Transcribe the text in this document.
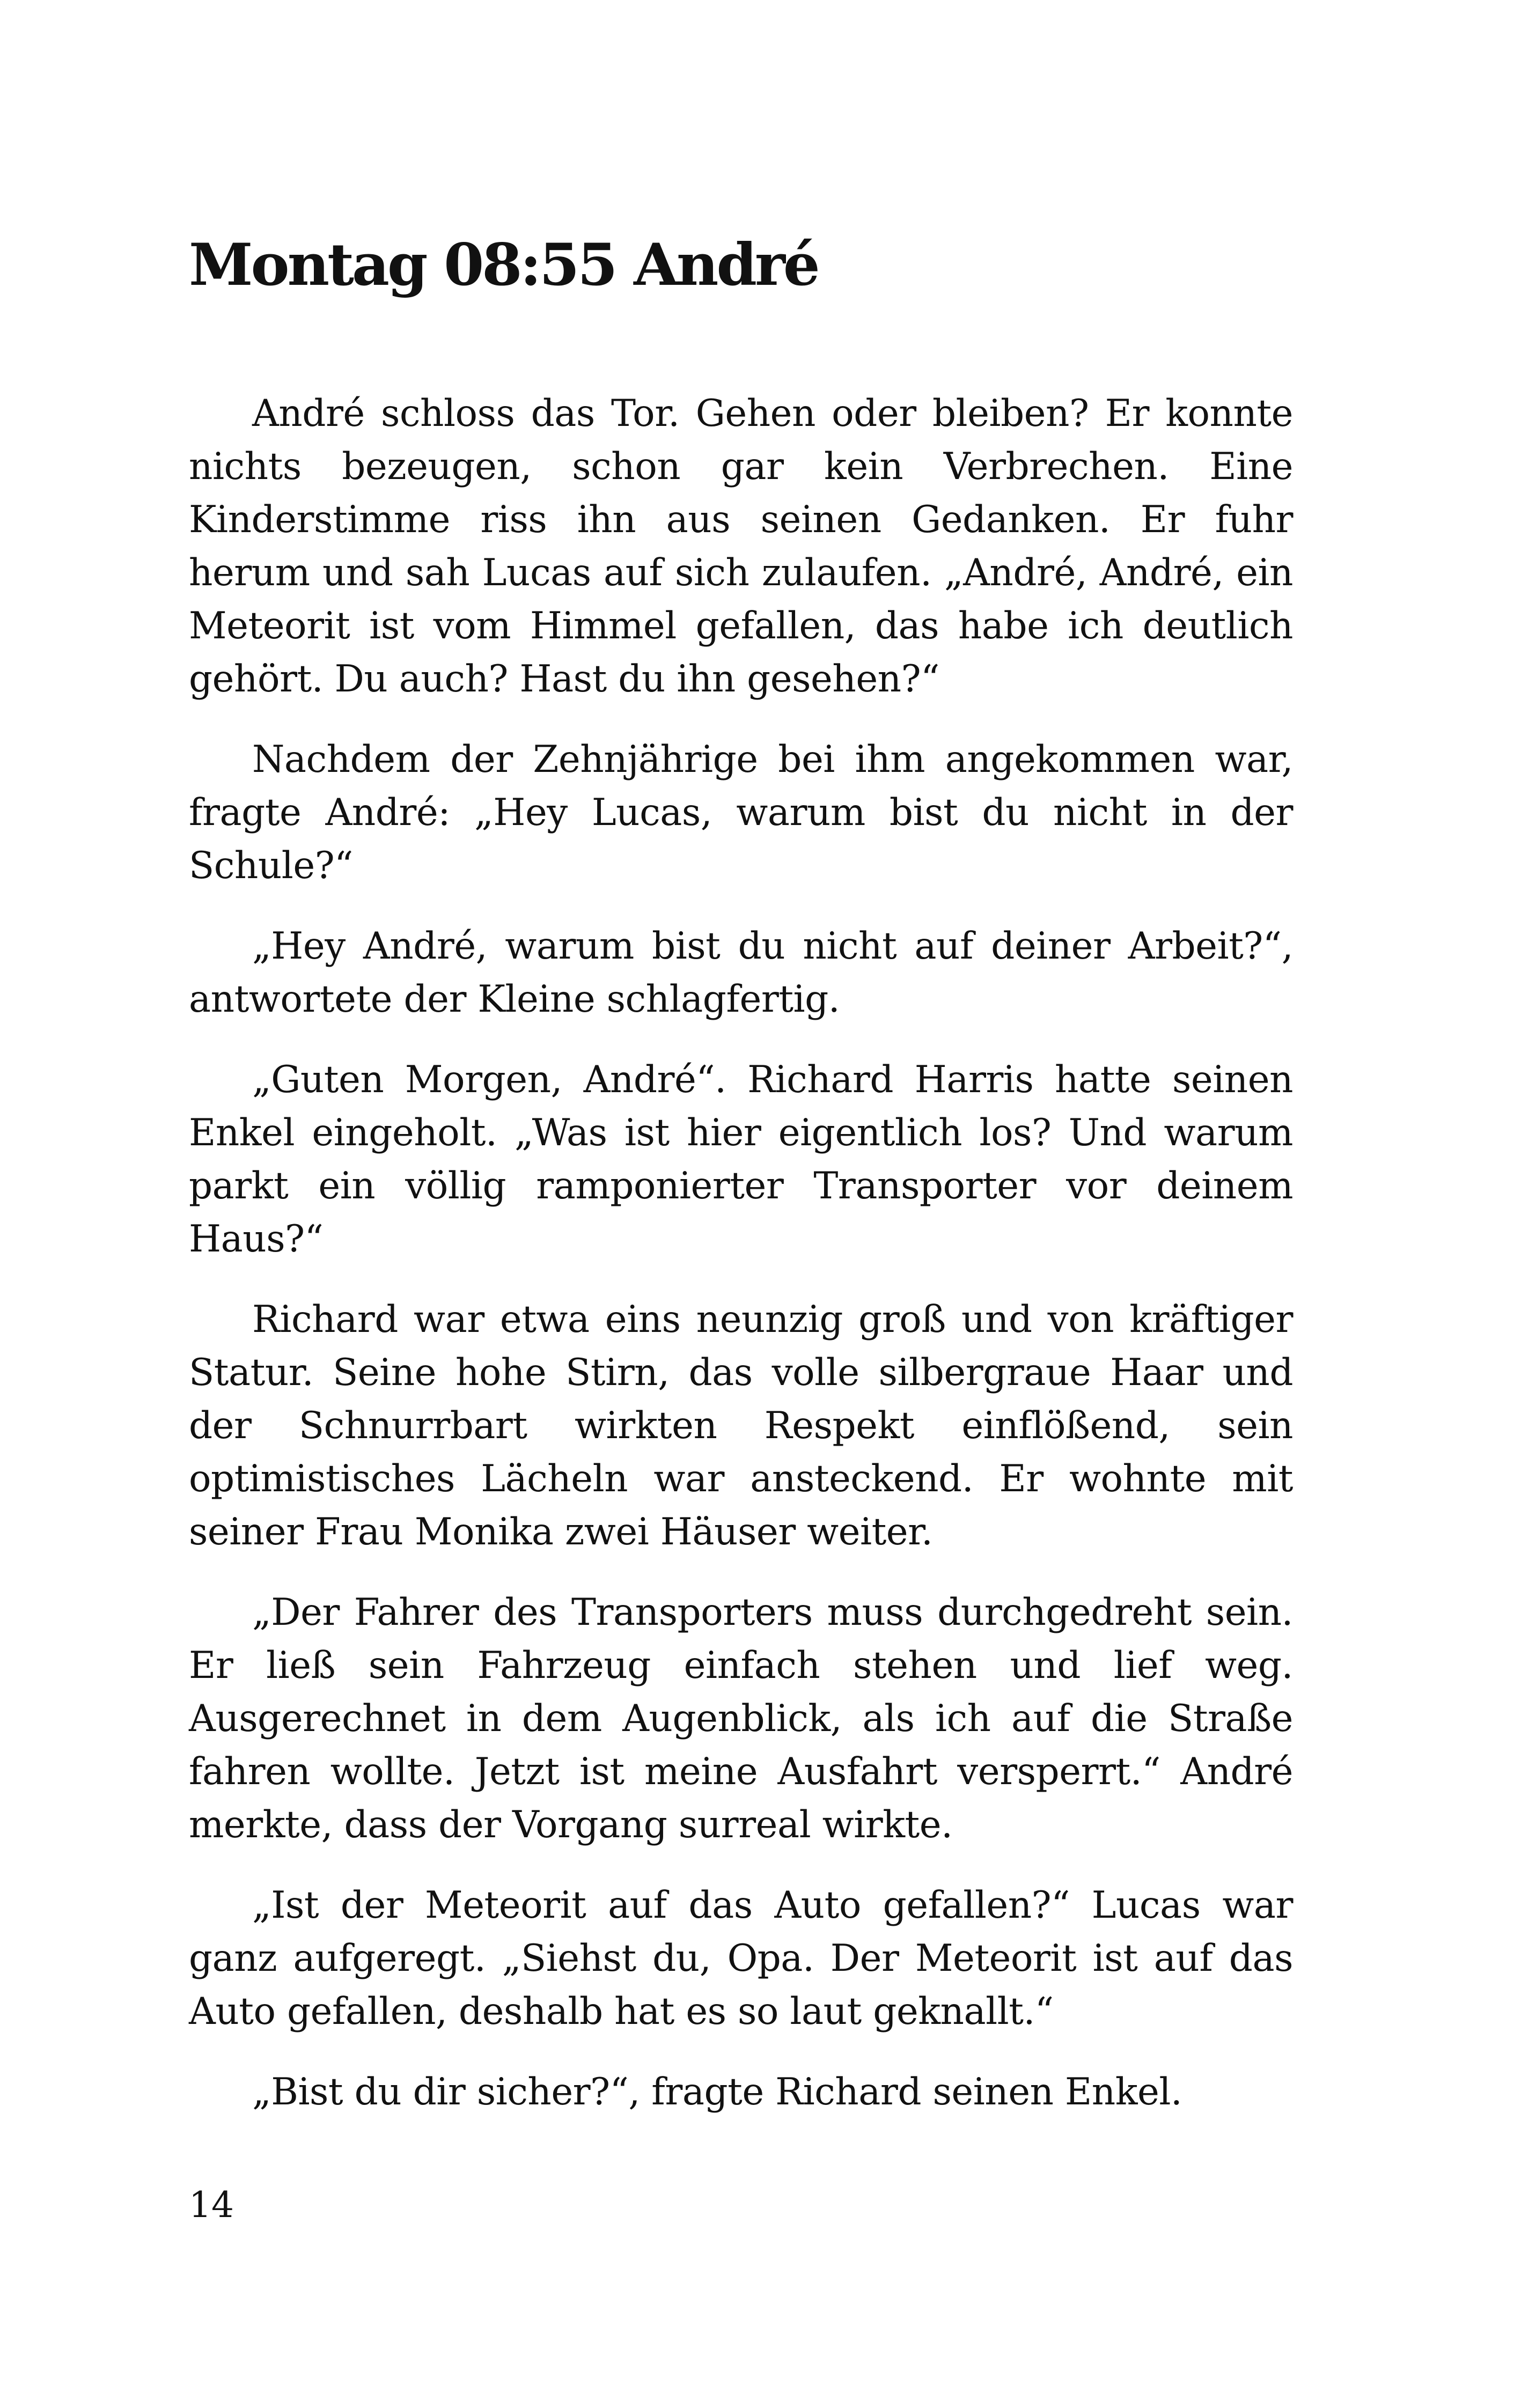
Montag 08:55 André

André schloss das Tor. Gehen oder bleiben? Er konnte nichts bezeugen, schon gar kein Verbrechen. Eine Kinderstimme riss ihn aus seinen Gedanken. Er fuhr herum und sah Lucas auf sich zulaufen. „André, André, ein Meteorit ist vom Himmel gefallen, das habe ich deutlich gehört. Du auch? Hast du ihn gesehen?“

Nachdem der Zehnjährige bei ihm angekommen war, fragte André: „Hey Lucas, warum bist du nicht in der Schule?“

„Hey André, warum bist du nicht auf deiner Arbeit?“, antwortete der Kleine schlagfertig.

„Guten Morgen, André“. Richard Harris hatte seinen Enkel eingeholt. „Was ist hier eigentlich los? Und warum parkt ein völlig ramponierter Transporter vor deinem Haus?“

Richard war etwa eins neunzig groß und von kräftiger Statur. Seine hohe Stirn, das volle silbergraue Haar und der Schnurrbart wirkten Respekt einflößend, sein optimistisches Lächeln war ansteckend. Er wohnte mit seiner Frau Monika zwei Häuser weiter.

„Der Fahrer des Transporters muss durchgedreht sein. Er ließ sein Fahrzeug einfach stehen und lief weg. Ausgerechnet in dem Augenblick, als ich auf die Straße fahren wollte. Jetzt ist meine Ausfahrt versperrt.“ André merkte, dass der Vorgang surreal wirkte.

„Ist der Meteorit auf das Auto gefallen?“ Lucas war ganz aufgeregt. „Siehst du, Opa. Der Meteorit ist auf das Auto gefallen, deshalb hat es so laut geknallt.“

„Bist du dir sicher?“, fragte Richard seinen Enkel.

14
